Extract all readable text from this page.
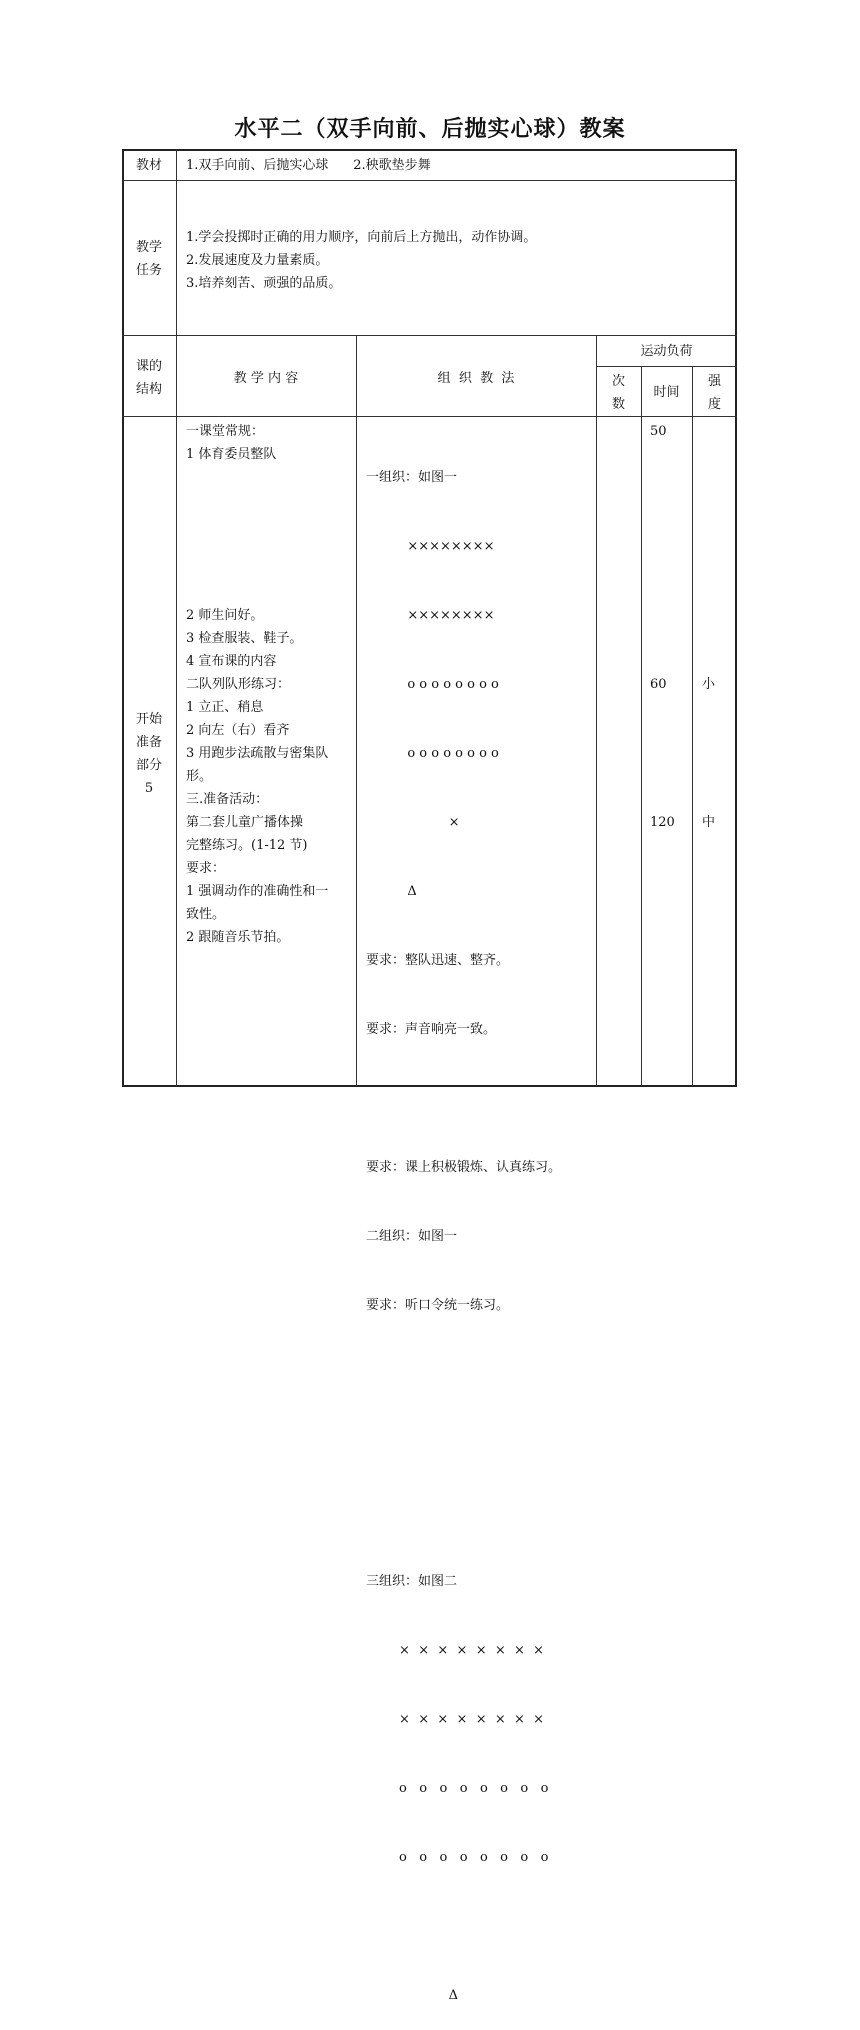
水平二（双手向前、后抛实心球）教案
教材	1.双手向前、后抛实心球      2.秧歌垫步舞
教学
任务
1.学会投掷时正确的用力顺序，向前后上方抛出，动作协调。
2.发展速度及力量素质。
3.培养刻苦、顽强的品质。
课的
结构
教 学 内 容	组  织  教  法
运动负荷
次
数
时间
强
度
开始
准备
部分
5
一课堂常规：
1 体育委员整队
2 师生问好。
3 检查服装、鞋子。
4 宣布课的内容
二队列队形练习：
1 立正、稍息
2 向左（右）看齐
3 用跑步法疏散与密集队
形。
三.准备活动：
第二套儿童广播体操
完整练习。(1-12 节)
要求：
1 强调动作的准确性和一
致性。
2 跟随音乐节拍。

一组织：如图一

××××××××

××××××××

ο ο ο ο ο ο ο ο

ο ο ο ο ο ο ο ο

×

Δ

要求：整队迅速、整齐。

要求：声音响亮一致。

要求：课上积极锻炼、认真练习。

二组织：如图一

要求：听口令统一练习。

三组织：如图二

×  ×  ×  ×  ×  ×  ×  ×

×  ×  ×  ×  ×  ×  ×  ×

ο   ο   ο   ο   ο   ο   ο   ο

ο   ο   ο   ο   ο   ο   ο   ο

Δ

50
60
120
小
中
